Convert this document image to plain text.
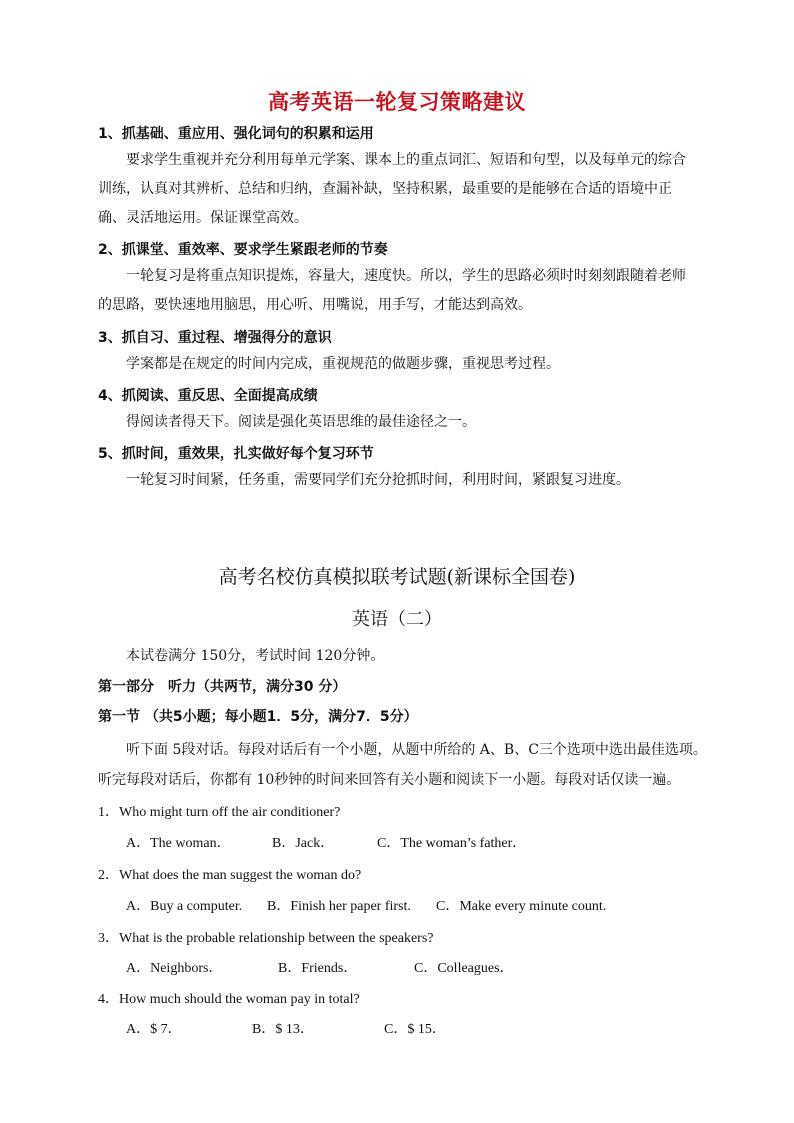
高考英语一轮复习策略建议
1、抓基础、重应用、强化词句的积累和运用
要求学生重视并充分利用每单元学案、课本上的重点词汇、短语和句型，以及每单元的综合训练，认真对其辨析、总结和归纳，查漏补缺，坚持积累，最重要的是能够在合适的语境中正确、灵活地运用。保证课堂高效。
2、抓课堂、重效率、要求学生紧跟老师的节奏
一轮复习是将重点知识提炼，容量大，速度快。所以，学生的思路必须时时刻刻跟随着老师的思路，要快速地用脑思，用心听、用嘴说，用手写，才能达到高效。
3、抓自习、重过程、增强得分的意识
学案都是在规定的时间内完成，重视规范的做题步骤，重视思考过程。
4、抓阅读、重反思、全面提高成绩
得阅读者得天下。阅读是强化英语思维的最佳途径之一。
5、抓时间，重效果，扎实做好每个复习环节
一轮复习时间紧，任务重，需要同学们充分抢抓时间，利用时间，紧跟复习进度。
高考名校仿真模拟联考试题(新课标全国卷)
英语（二）
本试卷满分 150分，考试时间 120分钟。
第一部分　听力（共两节，满分30 分）
第一节 （共5小题；每小题1．5分，满分7．5分）
听下面 5段对话。每段对话后有一个小题，从题中所给的 A、B、C三个选项中选出最佳选项。
听完每段对话后，你都有 10秒钟的时间来回答有关小题和阅读下一小题。每段对话仅读一遍。
1．Who might turn off the air conditioner?
A．The woman．	B．Jack．	C．The woman’s father．
2．What does the man suggest the woman do?
A．Buy a computer. B．Finish her paper first. C．Make every minute count.
3．What is the probable relationship between the speakers?
A．Neighbors．	B．Friends．	C．Colleagues．
4．How much should the woman pay in total?
A．$ 7．	B．$ 13．	C．$ 15．
